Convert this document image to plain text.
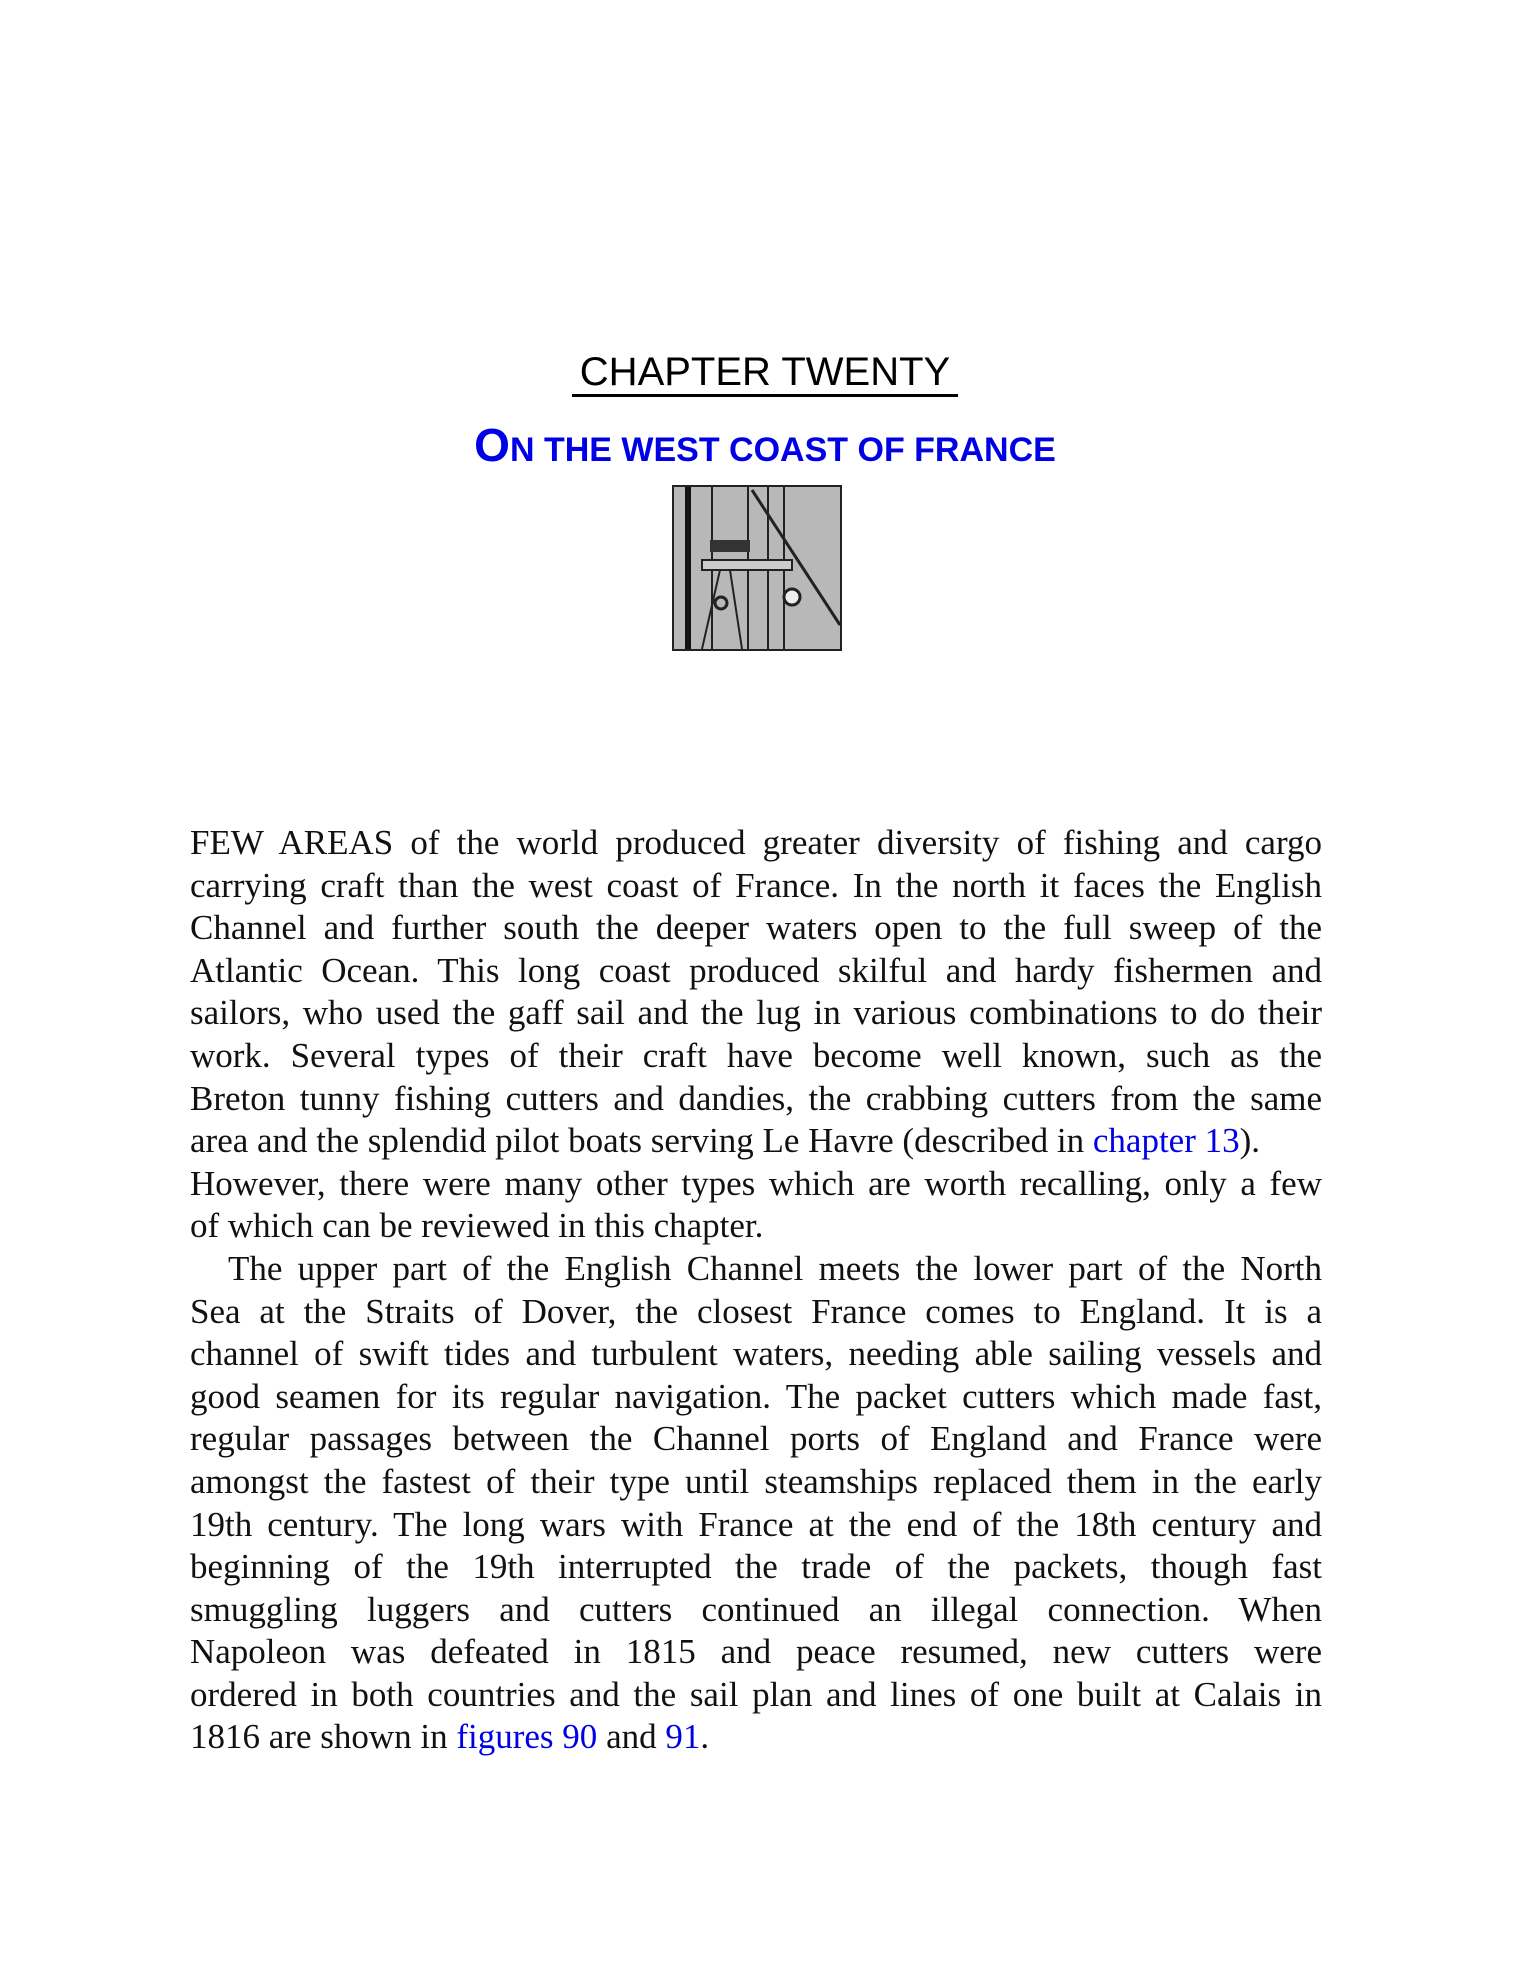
CHAPTER TWENTY
ON THE WEST COAST OF FRANCE
FEW AREAS of the world produced greater diversity of fishing and cargo
carrying craft than the west coast of France. In the north it faces the English
Channel and further south the deeper waters open to the full sweep of the
Atlantic Ocean. This long coast produced skilful and hardy fishermen and
sailors, who used the gaff sail and the lug in various combinations to do their
work. Several types of their craft have become well known, such as the
Breton tunny fishing cutters and dandies, the crabbing cutters from the same
area and the splendid pilot boats serving Le Havre (described in chapter 13).
However, there were many other types which are worth recalling, only a few
of which can be reviewed in this chapter.
The upper part of the English Channel meets the lower part of the North
Sea at the Straits of Dover, the closest France comes to England. It is a
channel of swift tides and turbulent waters, needing able sailing vessels and
good seamen for its regular navigation. The packet cutters which made fast,
regular passages between the Channel ports of England and France were
amongst the fastest of their type until steamships replaced them in the early
19th century. The long wars with France at the end of the 18th century and
beginning of the 19th interrupted the trade of the packets, though fast
smuggling luggers and cutters continued an illegal connection. When
Napoleon was defeated in 1815 and peace resumed, new cutters were
ordered in both countries and the sail plan and lines of one built at Calais in
1816 are shown in figures 90 and 91.
